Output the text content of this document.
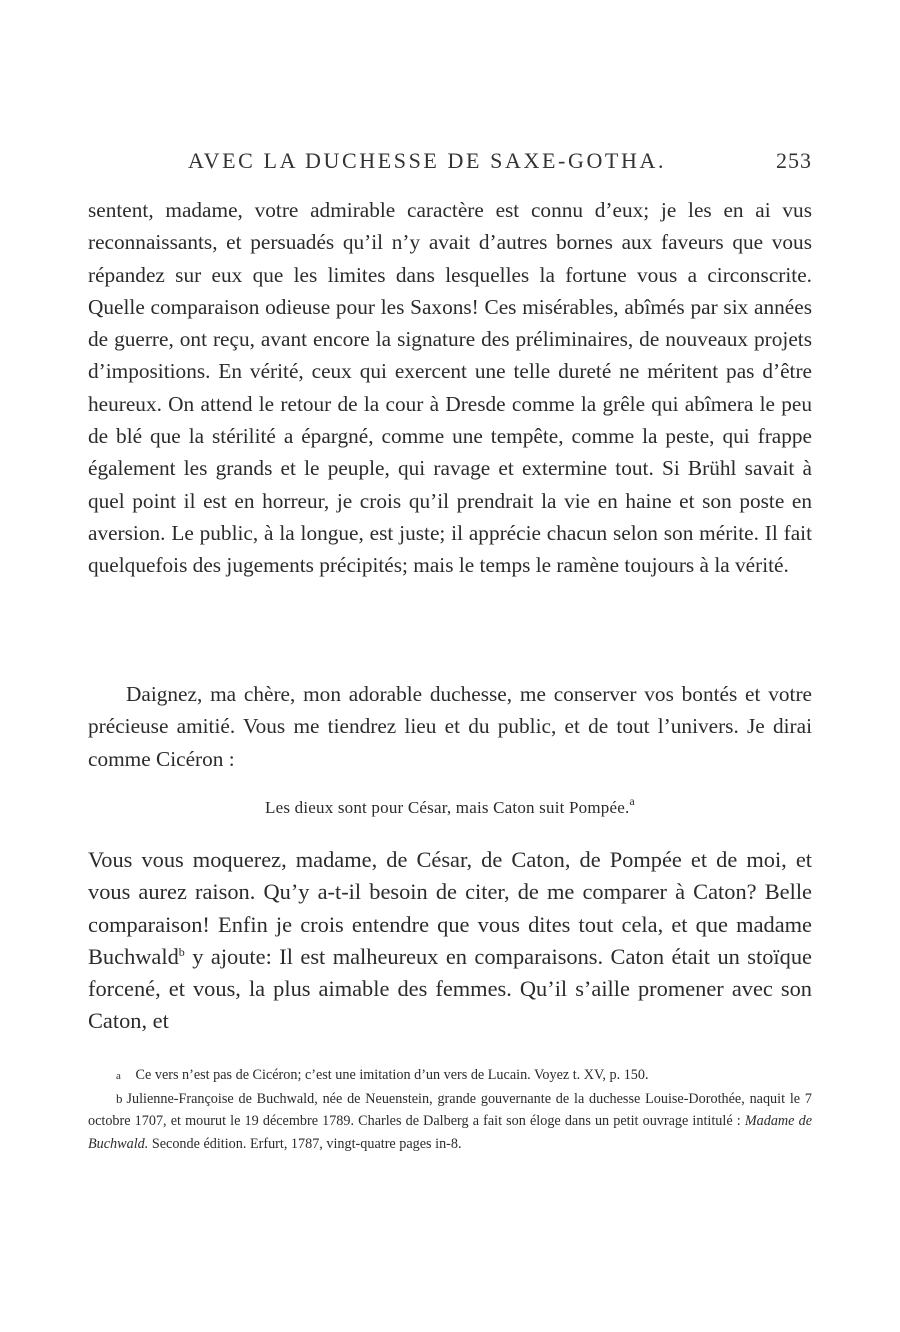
AVEC LA DUCHESSE DE SAXE-GOTHA.	253

sentent, madame, votre admirable caractère est connu d’eux; je les en ai vus reconnaissants, et persuadés qu’il n’y avait d’autres bornes aux faveurs que vous répandez sur eux que les limites dans lesquelles la fortune vous a circonscrite. Quelle comparaison odieuse pour les Saxons! Ces misérables, abîmés par six années de guerre, ont reçu, avant encore la signature des préliminaires, de nouveaux projets d’impositions. En vérité, ceux qui exercent une telle dureté ne méritent pas d’être heureux. On attend le retour de la cour à Dresde comme la grêle qui abîmera le peu de blé que la stérilité a épargné, comme une tempête, comme la peste, qui frappe également les grands et le peuple, qui ravage et extermine tout. Si Brühl savait à quel point il est en horreur, je crois qu’il prendrait la vie en haine et son poste en aversion. Le public, à la longue, est juste; il apprécie chacun selon son mérite. Il fait quelquefois des jugements précipités; mais le temps le ramène toujours à la vérité.

Daignez, ma chère, mon adorable duchesse, me conserver vos bontés et votre précieuse amitié. Vous me tiendrez lieu et du public, et de tout l’univers. Je dirai comme Cicéron :

Les dieux sont pour César, mais Caton suit Pompée.$^a$

Vous vous moquerez, madame, de César, de Caton, de Pompée et de moi, et vous aurez raison. Qu’y a-t-il besoin de citer, de me comparer à Caton? Belle comparaison! Enfin je crois entendre que vous dites tout cela, et que madame Buchwald$^b$ y ajoute: Il est malheureux en comparaisons. Caton était un stoïque forcené, et vous, la plus aimable des femmes. Qu’il s’aille promener avec son Caton, et

a Ce vers n’est pas de Cicéron; c’est une imitation d’un vers de Lucain. Voyez t. XV, p. 150.

b Julienne-Françoise de Buchwald, née de Neuenstein, grande gouvernante de la duchesse Louise-Dorothée, naquit le 7 octobre 1707, et mourut le 19 décembre 1789. Charles de Dalberg a fait son éloge dans un petit ouvrage intitulé : Madame de Buchwald. Seconde édition. Erfurt, 1787, vingt-quatre pages in-8.
